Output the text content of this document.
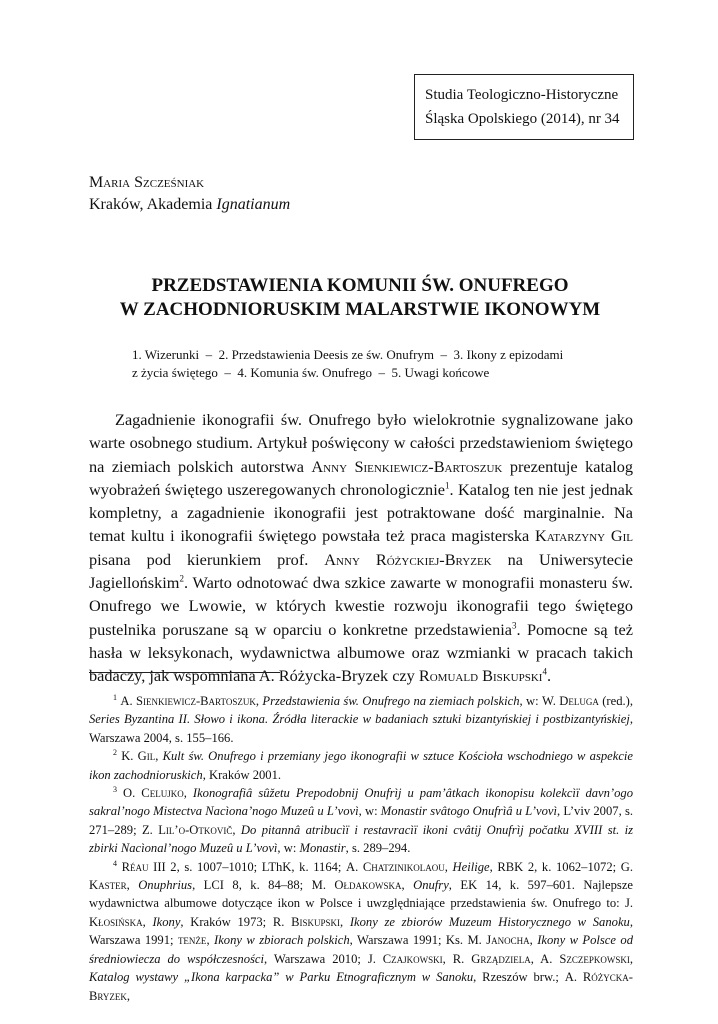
Studia Teologiczno-Historyczne
Śląska Opolskiego (2014), nr 34
Maria Szcześniak
Kraków, Akademia Ignatianum
PRZEDSTAWIENIA KOMUNII ŚW. ONUFREGO
W ZACHODNIORUSKIM MALARSTWIE IKONOWYM
1. Wizerunki  –  2. Przedstawienia Deesis ze św. Onufrym  –  3. Ikony z epizodami
z życia świętego  –  4. Komunia św. Onufrego  –  5. Uwagi końcowe

Zagadnienie ikonografii św. Onufrego było wielokrotnie sygnalizowane jako warte osobnego studium. Artykuł poświęcony w całości przedstawieniom świętego na ziemiach polskich autorstwa Anny Sienkiewicz-Bartoszuk prezentuje katalog wyobrażeń świętego uszeregowanych chronologicznie$^1$. Katalog ten nie jest jednak kompletny, a zagadnienie ikonografii jest potraktowane dość marginalnie. Na temat kultu i ikonografii świętego powstała też praca magisterska Katarzyny Gil pisana pod kierunkiem prof. Anny Różyckiej-Bryzek na Uniwersytecie Jagiellońskim$^2$. Warto odnotować dwa szkice zawarte w monografii monasteru św. Onufrego we Lwowie, w których kwestie rozwoju ikonografii tego świętego pustelnika poruszane są w oparciu o konkretne przedstawienia$^3$. Pomocne są też hasła w leksykonach, wydawnictwa albumowe oraz wzmianki w pracach takich badaczy, jak wspomniana A. Różycka-Bryzek czy Romuald Biskupski$^4$.

$^1$ A. Sienkiewicz-Bartoszuk, Przedstawienia św. Onufrego na ziemiach polskich, w: W. Deluga (red.), Series Byzantina II. Słowo i ikona. Źródła literackie w badaniach sztuki bizantyńskiej i postbizantyńskiej, Warszawa 2004, s. 155–166.

$^2$ K. Gil, Kult św. Onufrego i przemiany jego ikonografii w sztuce Kościoła wschodniego w aspekcie ikon zachodnioruskich, Kraków 2001.

$^3$ O. Celujko, Ikonografiâ sûžetu Prepodobnij Onufrìj u pam’âtkach ikonopisu kolekcìï davn’ogo sakral’nogo Mistectva Nacìona’nogo Muzeû u L’vovì, w: Monastir svâtogo Onufrìâ u L’vovì, L’viv 2007, s. 271–289; Z. Lil’o-Otkovič, Do pitannâ atribucìï i restavracìï ikoni cvâtij Onufrìj počatku XVIII st. iz zbirki Nacìonal’nogo Muzeû u L’vovì, w: Monastir, s. 289–294.

$^4$ Réau III 2, s. 1007–1010; LThK, k. 1164; A. Chatzinikolaou, Heilige, RBK 2, k. 1062–1072; G. Kaster, Onuphrius, LCI 8, k. 84–88; M. Ołdakowska, Onufry, EK 14, k. 597–601. Najlepsze wydawnictwa albumowe dotyczące ikon w Polsce i uwzględniające przedstawienia św. Onufrego to: J. Kłosińska, Ikony, Kraków 1973; R. Biskupski, Ikony ze zbiorów Muzeum Historycznego w Sanoku, Warszawa 1991; tenże, Ikony w zbiorach polskich, Warszawa 1991; Ks. M. Janocha, Ikony w Polsce od średniowiecza do współczesności, Warszawa 2010; J. Czajkowski, R. Grządziela, A. Szczepkowski, Katalog wystawy „Ikona karpacka” w Parku Etnograficznym w Sanoku, Rzeszów brw.; A. Różycka-Bryzek,
